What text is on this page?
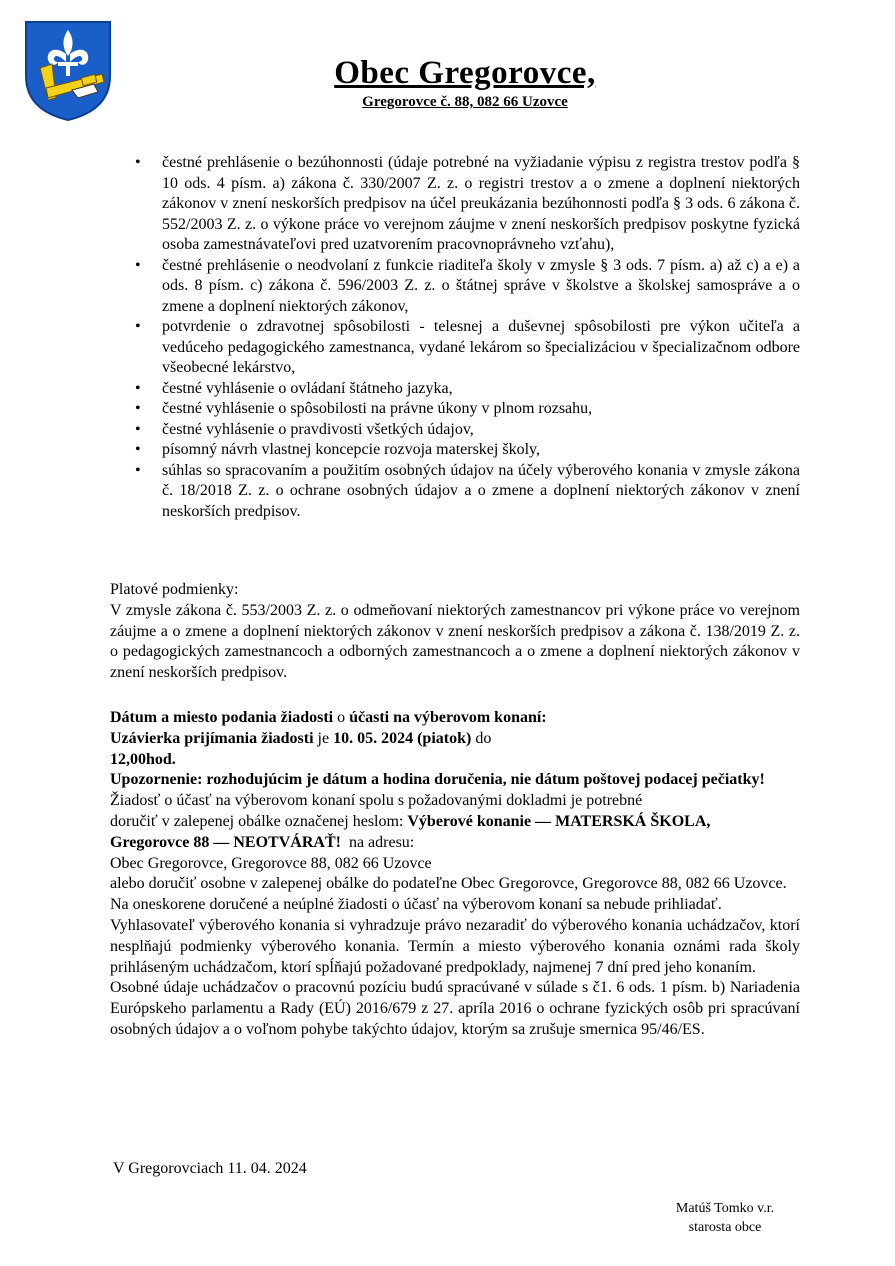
Obec Gregorovce,
Gregorovce č. 88, 082 66 Uzovce
• čestné prehlásenie o bezúhonnosti (údaje potrebné na vyžiadanie výpisu z registra trestov podľa § 10 ods. 4 písm. a) zákona č. 330/2007 Z. z. o registri trestov a o zmene a doplnení niektorých zákonov v znení neskorších predpisov na účel preukázania bezúhonnosti podľa § 3 ods. 6 zákona č. 552/2003 Z. z. o výkone práce vo verejnom záujme v znení neskorších predpisov poskytne fyzická osoba zamestnávateľovi pred uzatvorením pracovnoprávneho vzťahu),
• čestné prehlásenie o neodvolaní z funkcie riaditeľa školy v zmysle § 3 ods. 7 písm. a) až c) a e) a ods. 8 písm. c) zákona č. 596/2003 Z. z. o štátnej správe v školstve a školskej samospráve a o zmene a doplnení niektorých zákonov,
• potvrdenie o zdravotnej spôsobilosti - telesnej a duševnej spôsobilosti pre výkon učiteľa a vedúceho pedagogického zamestnanca, vydané lekárom so špecializáciou v špecializačnom odbore všeobecné lekárstvo,
• čestné vyhlásenie o ovládaní štátneho jazyka,
• čestné vyhlásenie o spôsobilosti na právne úkony v plnom rozsahu,
• čestné vyhlásenie o pravdivosti všetkých údajov,
• písomný návrh vlastnej koncepcie rozvoja materskej školy,
• súhlas so spracovaním a použitím osobných údajov na účely výberového konania v zmysle zákona č. 18/2018 Z. z. o ochrane osobných údajov a o zmene a doplnení niektorých zákonov v znení neskorších predpisov.
Platové podmienky:
V zmysle zákona č. 553/2003 Z. z. o odmeňovaní niektorých zamestnancov pri výkone práce vo verejnom záujme a o zmene a doplnení niektorých zákonov v znení neskorších predpisov a zákona č. 138/2019 Z. z. o pedagogických zamestnancoch a odborných zamestnancoch a o zmene a doplnení niektorých zákonov v znení neskorších predpisov.
Dátum a miesto podania žiadosti o účasti na výberovom konaní:
Uzávierka prijímania žiadosti je 10. 05. 2024 (piatok) do
12,00hod.
Upozornenie: rozhodujúcim je dátum a hodina doručenia, nie dátum poštovej podacej pečiatky!
Žiadosť o účasť na výberovom konaní spolu s požadovanými dokladmi je potrebné
doručiť v zalepenej obálke označenej heslom: Výberové konanie — MATERSKÁ ŠKOLA,
Gregorovce 88 — NEOTVÁRAŤ!  na adresu:
Obec Gregorovce, Gregorovce 88, 082 66 Uzovce
alebo doručiť osobne v zalepenej obálke do podateľne Obec Gregorovce, Gregorovce 88, 082 66 Uzovce. Na oneskorene doručené a neúplné žiadosti o účasť na výberovom konaní sa nebude prihliadať.
Vyhlasovateľ výberového konania si vyhradzuje právo nezaradiť do výberového konania uchádzačov, ktorí nesplňajú podmienky výberového konania. Termín a miesto výberového konania oznámi rada školy prihláseným uchádzačom, ktorí spĺňajú požadované predpoklady, najmenej 7 dní pred jeho konaním.
Osobné údaje uchádzačov o pracovnú pozíciu budú spracúvané v súlade s č1. 6 ods. 1 písm. b) Nariadenia Európskeho parlamentu a Rady (EÚ) 2016/679 z 27. apríla 2016 o ochrane fyzických osôb pri spracúvaní osobných údajov a o voľnom pohybe takýchto údajov, ktorým sa zrušuje smernica 95/46/ES.
V Gregorovciach 11. 04. 2024
Matúš Tomko v.r.
starosta obce
